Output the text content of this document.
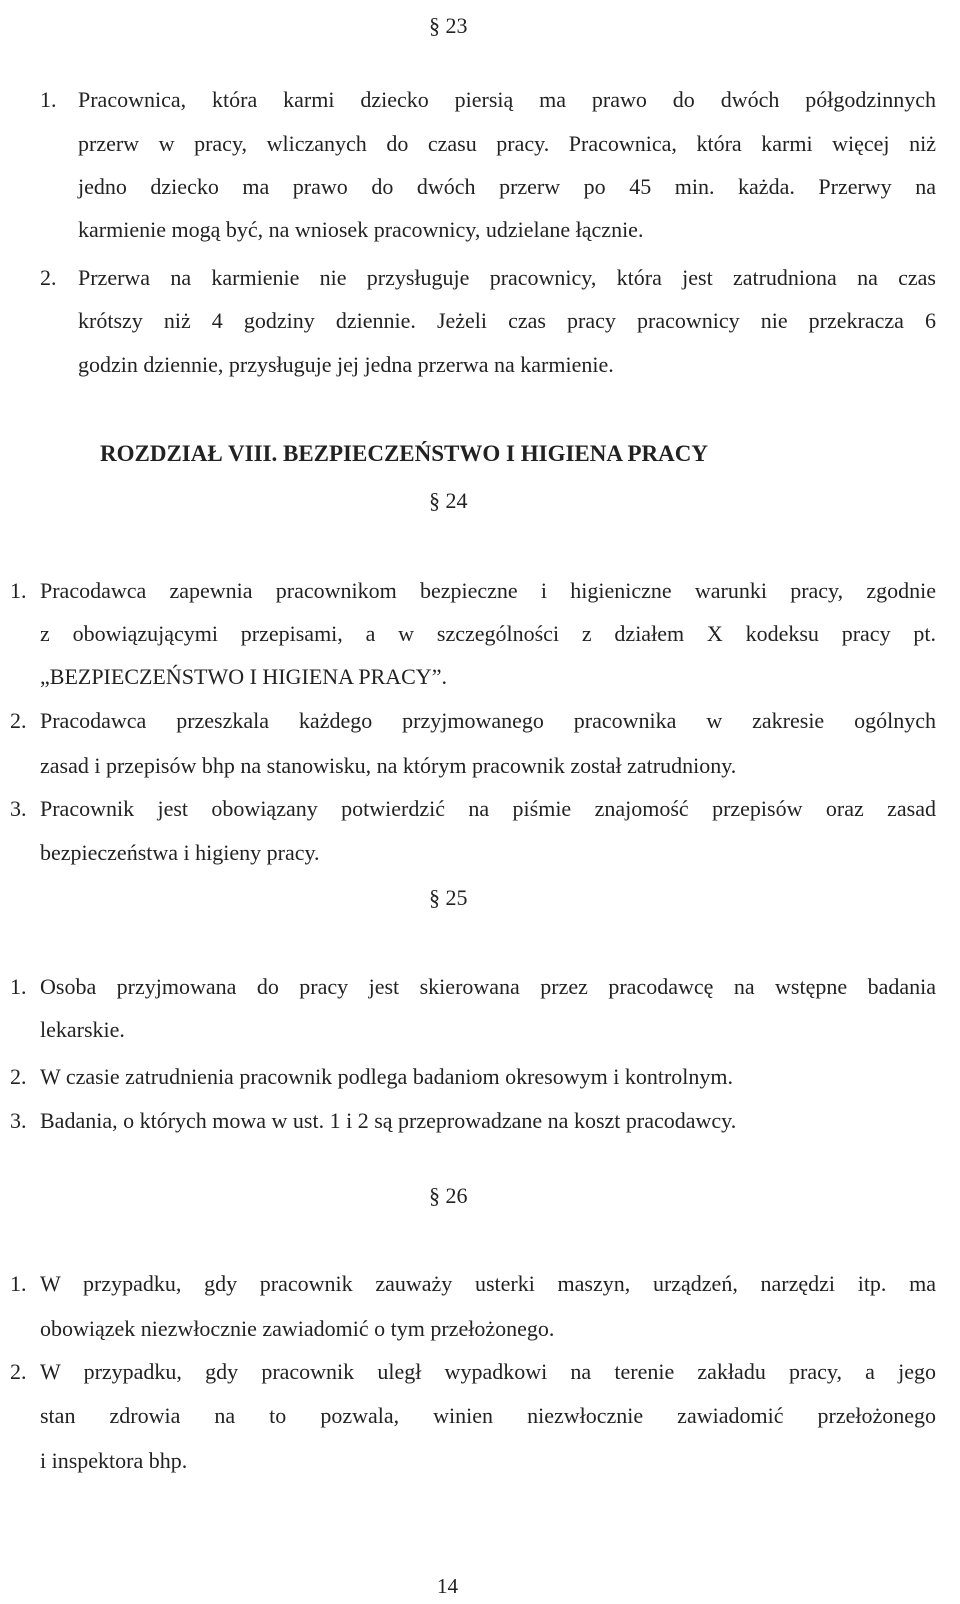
§ 23
1. Pracownica, która karmi dziecko piersią ma prawo do dwóch półgodzinnych
przerw w pracy, wliczanych do czasu pracy. Pracownica, która karmi więcej niż
jedno dziecko ma prawo do dwóch przerw po 45 min. każda. Przerwy na
karmienie mogą być, na wniosek pracownicy, udzielane łącznie.
2. Przerwa na karmienie nie przysługuje pracownicy, która jest zatrudniona na czas
krótszy niż 4 godziny dziennie. Jeżeli czas pracy pracownicy nie przekracza 6
godzin dziennie, przysługuje jej jedna przerwa na karmienie.
ROZDZIAŁ VIII. BEZPIECZEŃSTWO I HIGIENA PRACY
§ 24
1. Pracodawca zapewnia pracownikom bezpieczne i higieniczne warunki pracy, zgodnie
z obowiązującymi przepisami, a w szczególności z działem X kodeksu pracy pt.
„BEZPIECZEŃSTWO I HIGIENA PRACY”.
2. Pracodawca przeszkala każdego przyjmowanego pracownika w zakresie ogólnych
zasad i przepisów bhp na stanowisku, na którym pracownik został zatrudniony.
3. Pracownik jest obowiązany potwierdzić na piśmie znajomość przepisów oraz zasad
bezpieczeństwa i higieny pracy.
§ 25
1. Osoba przyjmowana do pracy jest skierowana przez pracodawcę na wstępne badania
lekarskie.
2. W czasie zatrudnienia pracownik podlega badaniom okresowym i kontrolnym.
3. Badania, o których mowa w ust. 1 i 2 są przeprowadzane na koszt pracodawcy.
§ 26
1. W przypadku, gdy pracownik zauważy usterki maszyn, urządzeń, narzędzi itp. ma
obowiązek niezwłocznie zawiadomić o tym przełożonego.
2. W przypadku, gdy pracownik uległ wypadkowi na terenie zakładu pracy, a jego
stan zdrowia na to pozwala, winien niezwłocznie zawiadomić przełożonego
i inspektora bhp.
14
